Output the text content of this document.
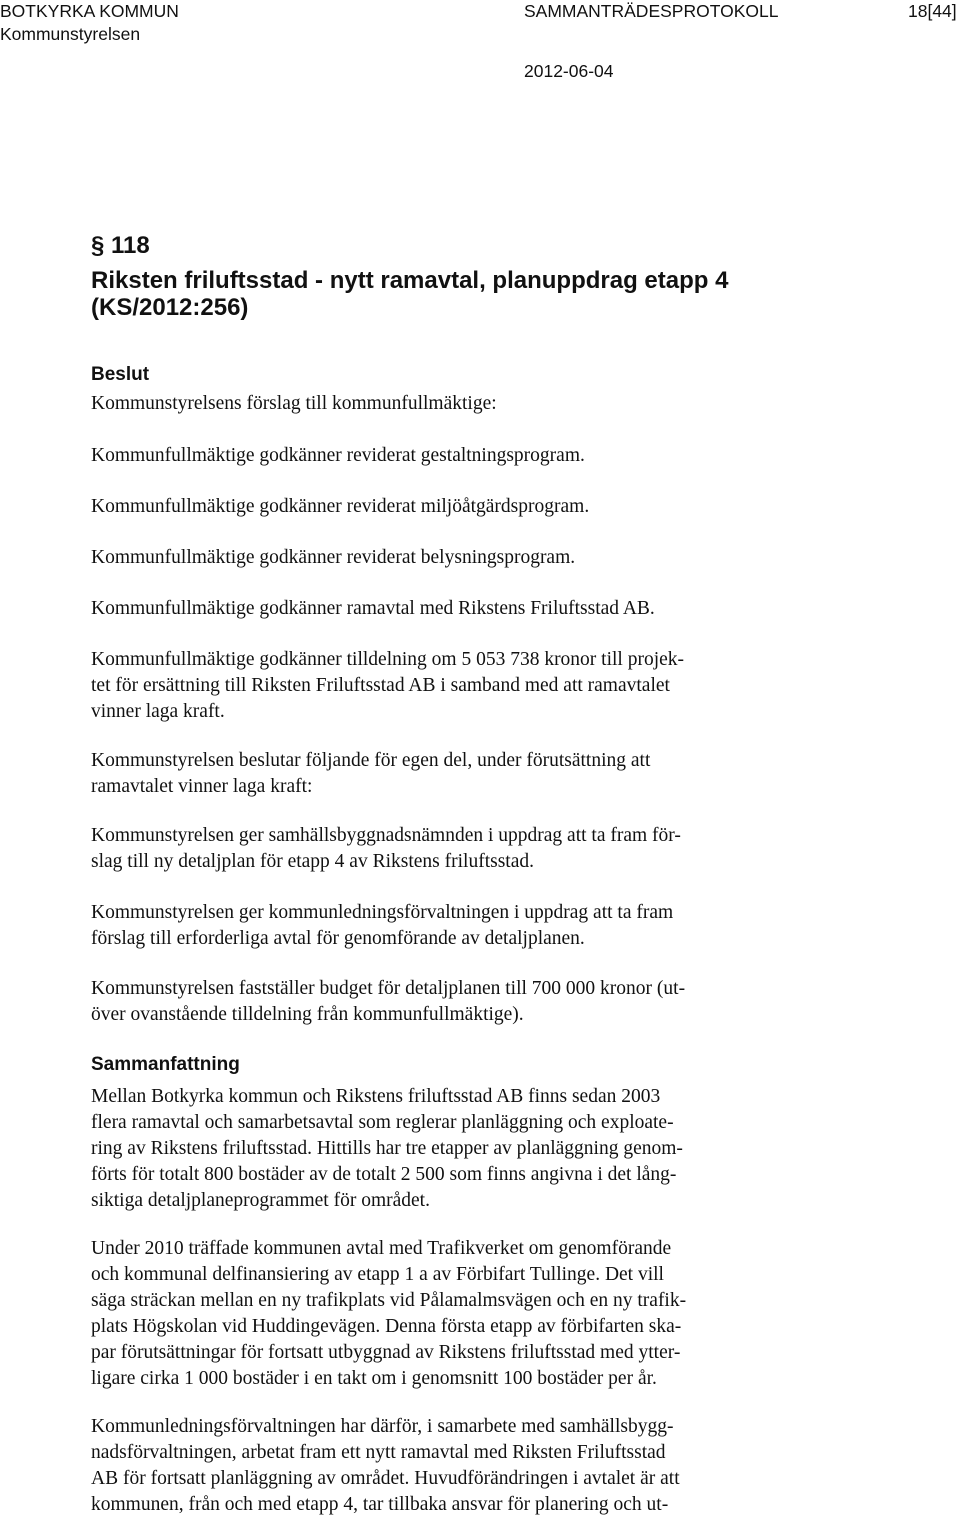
BOTKYRKA KOMMUN	SAMMANTRÄDESPROTOKOLL	18[44]
Kommunstyrelsen
2012-06-04
§ 118
Riksten friluftsstad - nytt ramavtal, planuppdrag etapp 4
(KS/2012:256)
Beslut
Kommunstyrelsens förslag till kommunfullmäktige:
Kommunfullmäktige godkänner reviderat gestaltningsprogram.
Kommunfullmäktige godkänner reviderat miljöåtgärdsprogram.
Kommunfullmäktige godkänner reviderat belysningsprogram.
Kommunfullmäktige godkänner ramavtal med Rikstens Friluftsstad AB.
Kommunfullmäktige godkänner tilldelning om 5 053 738 kronor till projek-
tet för ersättning till Riksten Friluftsstad AB i samband med att ramavtalet
vinner laga kraft.
Kommunstyrelsen beslutar följande för egen del, under förutsättning att
ramavtalet vinner laga kraft:
Kommunstyrelsen ger samhällsbyggnadsnämnden i uppdrag att ta fram för-
slag till ny detaljplan för etapp 4 av Rikstens friluftsstad.
Kommunstyrelsen ger kommunledningsförvaltningen i uppdrag att ta fram
förslag till erforderliga avtal för genomförande av detaljplanen.
Kommunstyrelsen fastställer budget för detaljplanen till 700 000 kronor (ut-
över ovanstående tilldelning från kommunfullmäktige).
Sammanfattning
Mellan Botkyrka kommun och Rikstens friluftsstad AB finns sedan 2003
flera ramavtal och samarbetsavtal som reglerar planläggning och exploate-
ring av Rikstens friluftsstad. Hittills har tre etapper av planläggning genom-
förts för totalt 800 bostäder av de totalt 2 500 som finns angivna i det lång-
siktiga detaljplaneprogrammet för området.
Under 2010 träffade kommunen avtal med Trafikverket om genomförande
och kommunal delfinansiering av etapp 1 a av Förbifart Tullinge. Det vill
säga sträckan mellan en ny trafikplats vid Pålamalmsvägen och en ny trafik-
plats Högskolan vid Huddingevägen. Denna första etapp av förbifarten ska-
par förutsättningar för fortsatt utbyggnad av Rikstens friluftsstad med ytter-
ligare cirka 1 000 bostäder i en takt om i genomsnitt 100 bostäder per år.
Kommunledningsförvaltningen har därför, i samarbete med samhällsbygg-
nadsförvaltningen, arbetat fram ett nytt ramavtal med Riksten Friluftsstad
AB för fortsatt planläggning av området. Huvudförändringen i avtalet är att
kommunen, från och med etapp 4, tar tillbaka ansvar för planering och ut-
